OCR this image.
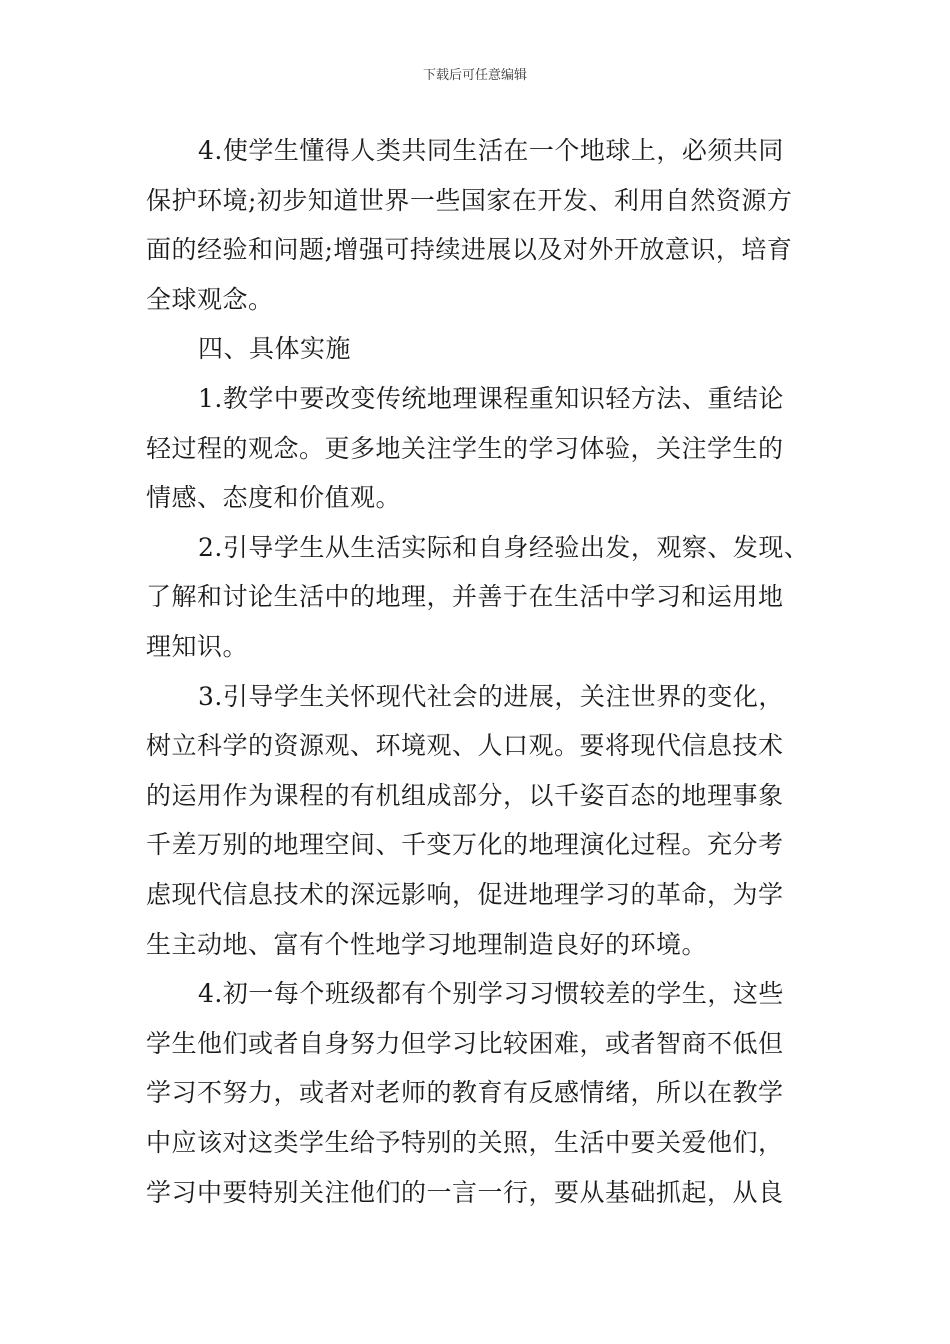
下载后可任意编辑
4.使学生懂得人类共同生活在一个地球上，必须共同
保护环境;初步知道世界一些国家在开发、利用自然资源方
面的经验和问题;增强可持续进展以及对外开放意识，培育
全球观念。
四、具体实施
1.教学中要改变传统地理课程重知识轻方法、重结论
轻过程的观念。更多地关注学生的学习体验，关注学生的
情感、态度和价值观。
2.引导学生从生活实际和自身经验出发，观察、发现、
了解和讨论生活中的地理，并善于在生活中学习和运用地
理知识。
3.引导学生关怀现代社会的进展，关注世界的变化，
树立科学的资源观、环境观、人口观。要将现代信息技术
的运用作为课程的有机组成部分，以千姿百态的地理事象
千差万别的地理空间、千变万化的地理演化过程。充分考
虑现代信息技术的深远影响，促进地理学习的革命，为学
生主动地、富有个性地学习地理制造良好的环境。
4.初一每个班级都有个别学习习惯较差的学生，这些
学生他们或者自身努力但学习比较困难，或者智商不低但
学习不努力，或者对老师的教育有反感情绪，所以在教学
中应该对这类学生给予特别的关照，生活中要关爱他们，
学习中要特别关注他们的一言一行，要从基础抓起，从良
